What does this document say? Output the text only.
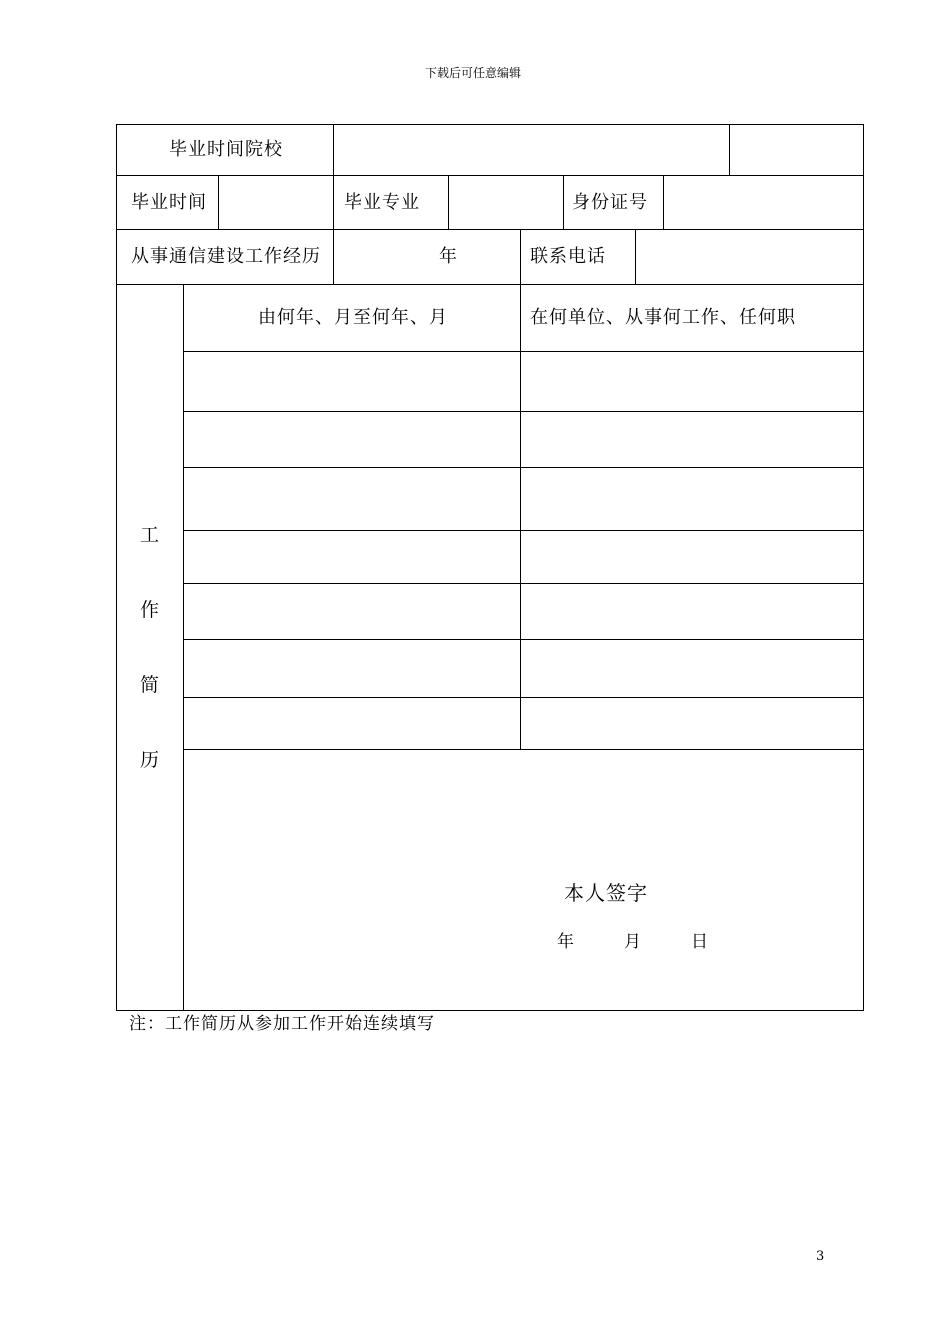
下载后可任意编辑
毕业时间院校
毕业时间	毕业专业	身份证号
从事通信建设工作经历	年	联系电话
工
作
简
历
由何年、月至何年、月	在何单位、从事何工作、任何职
本人签字
年	月	日
注：工作简历从参加工作开始连续填写
3
